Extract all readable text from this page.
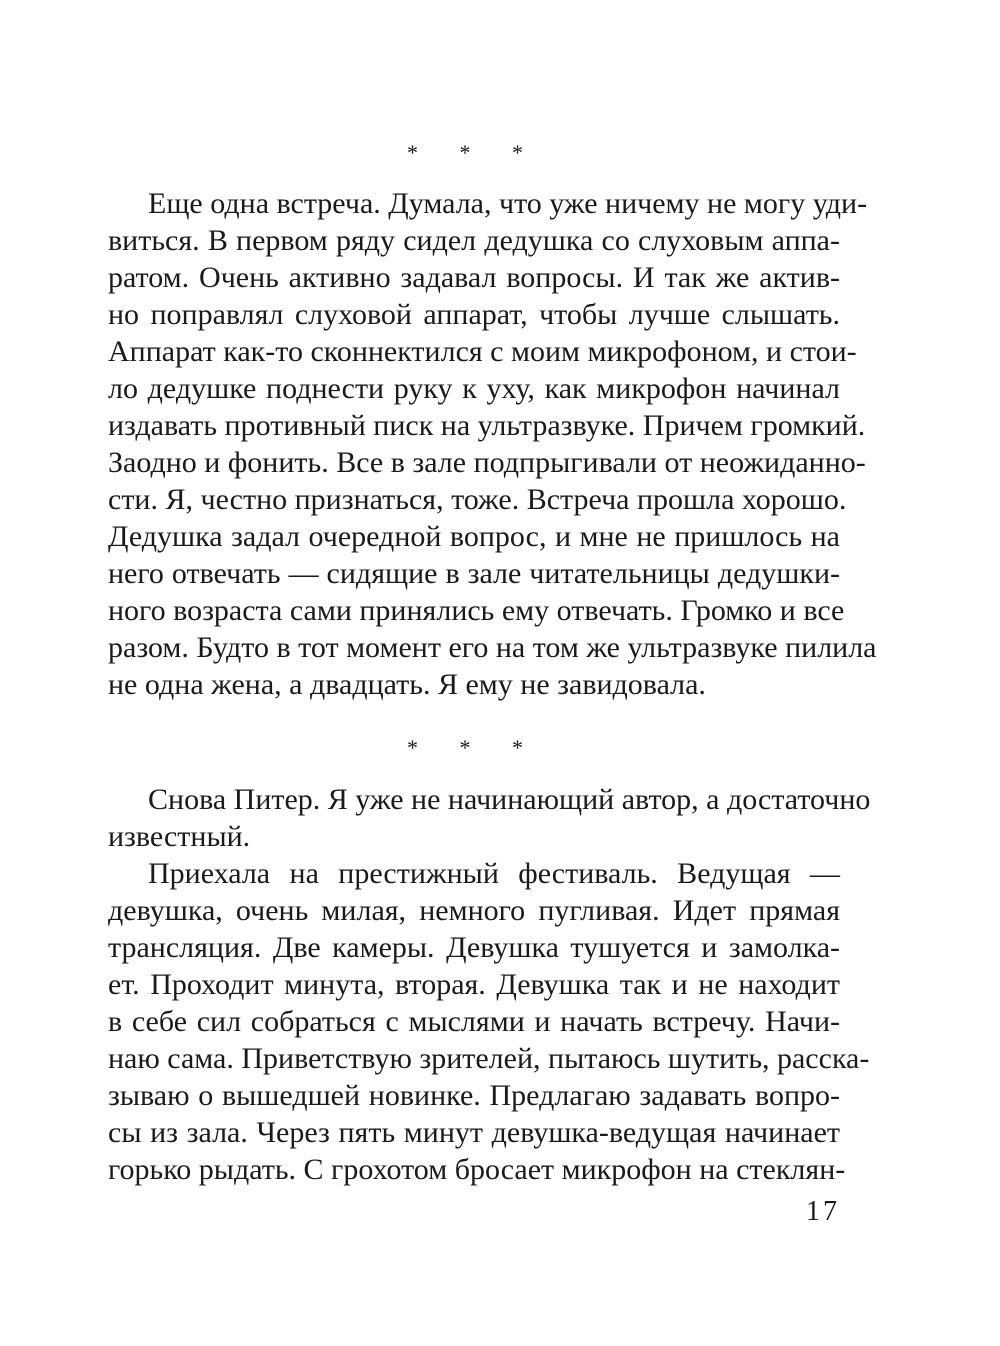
* * *
Еще одна встреча. Думала, что уже ничему не могу уди-
виться. В первом ряду сидел дедушка со слуховым аппа-
ратом. Очень активно задавал вопросы. И так же актив-
но поправлял слуховой аппарат, чтобы лучше слышать.
Аппарат как-то сконнектился с моим микрофоном, и стои-
ло дедушке поднести руку к уху, как микрофон начинал
издавать противный писк на ультразвуке. Причем громкий.
Заодно и фонить. Все в зале подпрыгивали от неожиданно-
сти. Я, честно признаться, тоже. Встреча прошла хорошо.
Дедушка задал очередной вопрос, и мне не пришлось на
него отвечать — сидящие в зале читательницы дедушки-
ного возраста сами принялись ему отвечать. Громко и все
разом. Будто в тот момент его на том же ультразвуке пилила
не одна жена, а двадцать. Я ему не завидовала.
* * *
Снова Питер. Я уже не начинающий автор, а достаточно
известный.
Приехала на престижный фестиваль. Ведущая —
девушка, очень милая, немного пугливая. Идет прямая
трансляция. Две камеры. Девушка тушуется и замолка-
ет. Проходит минута, вторая. Девушка так и не находит
в себе сил собраться с мыслями и начать встречу. Начи-
наю сама. Приветствую зрителей, пытаюсь шутить, расска-
зываю о вышедшей новинке. Предлагаю задавать вопро-
сы из зала. Через пять минут девушка-ведущая начинает
горько рыдать. С грохотом бросает микрофон на стеклян-
17
